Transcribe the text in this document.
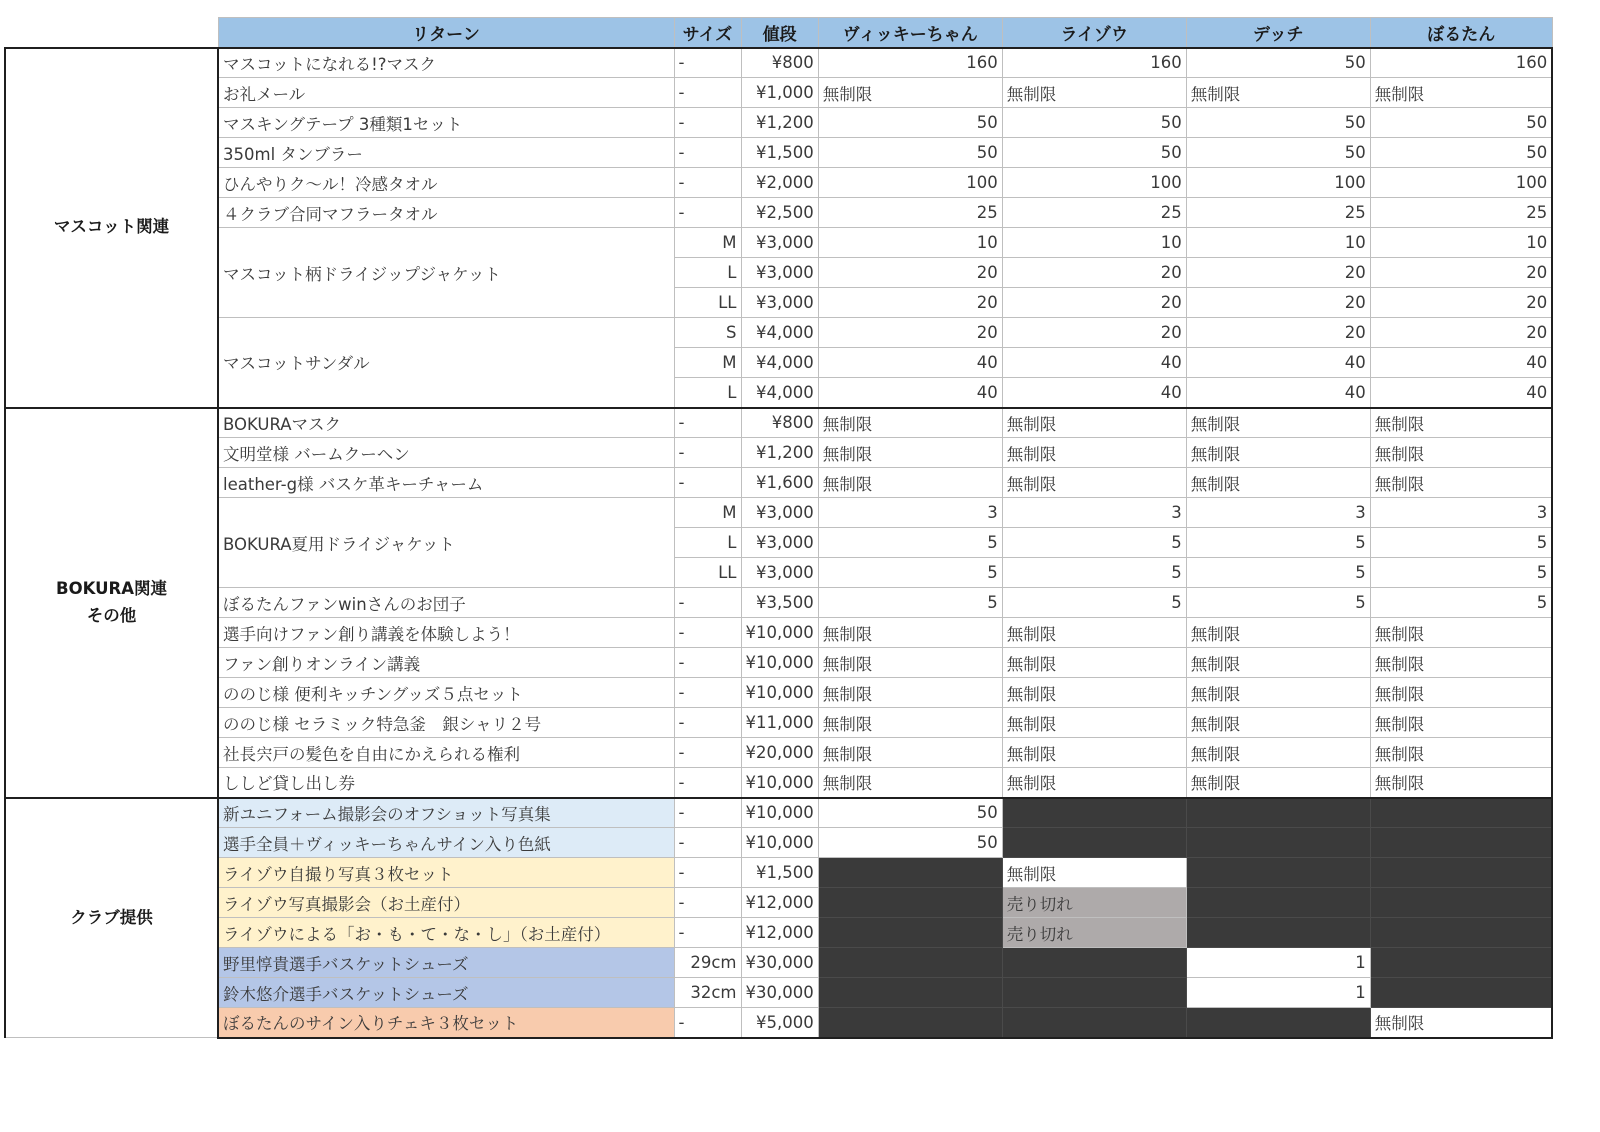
	リターン	サイズ	値段	ヴィッキーちゃん	ライゾウ	デッチ	ぼるたん

マスコット関連	マスコットになれる!?マスク	-	¥800	160	160	50	160
	お礼メール	-	¥1,000	無制限	無制限	無制限	無制限
	マスキングテープ 3種類1セット	-	¥1,200	50	50	50	50
	350ml タンブラー	-	¥1,500	50	50	50	50
	ひんやりク～ル！冷感タオル	-	¥2,000	100	100	100	100
	４クラブ合同マフラータオル	-	¥2,500	25	25	25	25
	マスコット柄ドライジップジャケット	M	¥3,000	10	10	10	10
		L	¥3,000	20	20	20	20
		LL	¥3,000	20	20	20	20
	マスコットサンダル	S	¥4,000	20	20	20	20
		M	¥4,000	40	40	40	40
		L	¥4,000	40	40	40	40

BOKURA関連
その他	BOKURAマスク	-	¥800	無制限	無制限	無制限	無制限
	文明堂様 バームクーヘン	-	¥1,200	無制限	無制限	無制限	無制限
	leather-g様 バスケ革キーチャーム	-	¥1,600	無制限	無制限	無制限	無制限
	BOKURA夏用ドライジャケット	M	¥3,000	3	3	3	3
		L	¥3,000	5	5	5	5
		LL	¥3,000	5	5	5	5
	ぼるたんファンwinさんのお団子	-	¥3,500	5	5	5	5
	選手向けファン創り講義を体験しよう！	-	¥10,000	無制限	無制限	無制限	無制限
	ファン創りオンライン講義	-	¥10,000	無制限	無制限	無制限	無制限
	ののじ様 便利キッチングッズ５点セット	-	¥10,000	無制限	無制限	無制限	無制限
	ののじ様 セラミック特急釜　銀シャリ２号	-	¥11,000	無制限	無制限	無制限	無制限
	社長宍戸の髪色を自由にかえられる権利	-	¥20,000	無制限	無制限	無制限	無制限
	ししど貸し出し券	-	¥10,000	無制限	無制限	無制限	無制限

クラブ提供	新ユニフォーム撮影会のオフショット写真集	-	¥10,000	50			
	選手全員＋ヴィッキーちゃんサイン入り色紙	-	¥10,000	50			
	ライゾウ自撮り写真３枚セット	-	¥1,500		無制限		
	ライゾウ写真撮影会（お土産付）	-	¥12,000		売り切れ		
	ライゾウによる「お・も・て・な・し」（お土産付）	-	¥12,000		売り切れ		
	野里惇貴選手バスケットシューズ	29cm	¥30,000			1	
	鈴木悠介選手バスケットシューズ	32cm	¥30,000			1	
	ぼるたんのサイン入りチェキ３枚セット	-	¥5,000				無制限
